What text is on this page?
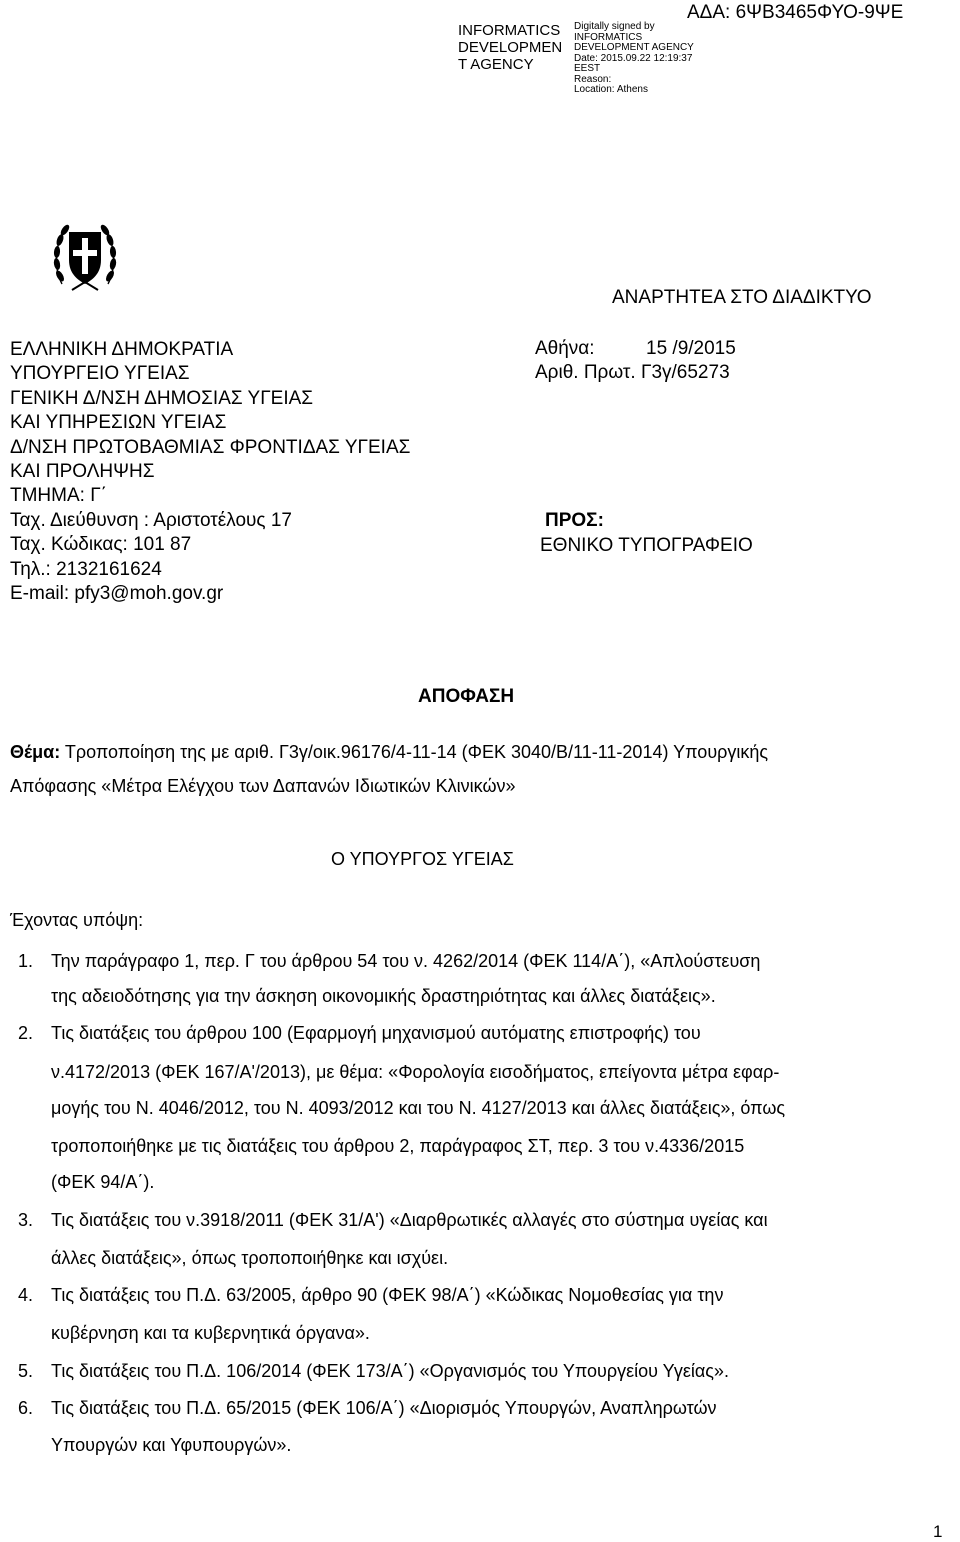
INFORMATICS
DEVELOPMEN
T AGENCY
Digitally signed by
INFORMATICS
DEVELOPMENT AGENCY
Date: 2015.09.22 12:19:37
EEST
Reason:
Location: Athens
ΑΔΑ: 6ΨΒ3465ΦΥΟ-9ΨΕ
ΑΝΑΡΤΗΤΕΑ ΣΤΟ ΔΙΑΔΙΚΤΥΟ
ΕΛΛΗΝΙΚΗ ΔΗΜΟΚΡΑΤΙΑ
ΥΠΟΥΡΓΕΙΟ ΥΓΕΙΑΣ
ΓΕΝΙΚΗ Δ/ΝΣΗ ΔΗΜΟΣΙΑΣ ΥΓΕΙΑΣ
ΚΑΙ ΥΠΗΡΕΣΙΩΝ ΥΓΕΙΑΣ
Δ/ΝΣΗ ΠΡΩΤΟΒΑΘΜΙΑΣ ΦΡΟΝΤΙΔΑΣ ΥΓΕΙΑΣ
ΚΑΙ ΠΡΟΛΗΨΗΣ
ΤΜΗΜΑ: Γ΄
Ταχ. Διεύθυνση : Αριστοτέλους 17
Ταχ. Κώδικας: 101 87
Τηλ.: 2132161624
E-mail: pfy3@moh.gov.gr
Αθήνα:	15 /9/2015
Αριθ. Πρωτ. Γ3γ/65273
ΠΡΟΣ:
ΕΘΝΙΚΟ ΤΥΠΟΓΡΑΦΕΙΟ
ΑΠΟΦΑΣΗ
Θέμα: Τροποποίηση της με αριθ. Γ3γ/οικ.96176/4-11-14 (ΦΕΚ 3040/Β/11-11-2014) Υπουργικής
Απόφασης «Μέτρα Ελέγχου των Δαπανών Ιδιωτικών Κλινικών»
Ο ΥΠΟΥΡΓΟΣ ΥΓΕΙΑΣ
Έχοντας υπόψη:
1. Την παράγραφο 1, περ. Γ του άρθρου 54 του ν. 4262/2014 (ΦΕΚ 114/Α΄), «Απλούστευση
της αδειοδότησης για την άσκηση οικονομικής δραστηριότητας και άλλες διατάξεις».
2. Τις διατάξεις του άρθρου 100 (Εφαρμογή μηχανισμού αυτόματης επιστροφής) του
ν.4172/2013 (ΦΕΚ 167/Α'/2013), με θέμα: «Φορολογία εισοδήματος, επείγοντα μέτρα εφαρ-
μογής του Ν. 4046/2012, του Ν. 4093/2012 και του Ν. 4127/2013 και άλλες διατάξεις», όπως
τροποποιήθηκε με τις διατάξεις του άρθρου 2, παράγραφος ΣΤ, περ. 3 του ν.4336/2015
(ΦΕΚ 94/Α΄).
3. Τις διατάξεις του ν.3918/2011 (ΦΕΚ 31/Α') «Διαρθρωτικές αλλαγές στο σύστημα υγείας και
άλλες διατάξεις», όπως τροποποιήθηκε και ισχύει.
4. Τις διατάξεις του Π.Δ. 63/2005, άρθρο 90 (ΦΕΚ 98/Α΄) «Κώδικας Νομοθεσίας για την
κυβέρνηση και τα κυβερνητικά όργανα».
5. Τις διατάξεις του Π.Δ. 106/2014 (ΦΕΚ 173/Α΄) «Οργανισμός του Υπουργείου Υγείας».
6. Τις διατάξεις του Π.Δ. 65/2015 (ΦΕΚ 106/Α΄) «Διορισμός Υπουργών, Αναπληρωτών
Υπουργών και Υφυπουργών».
1
